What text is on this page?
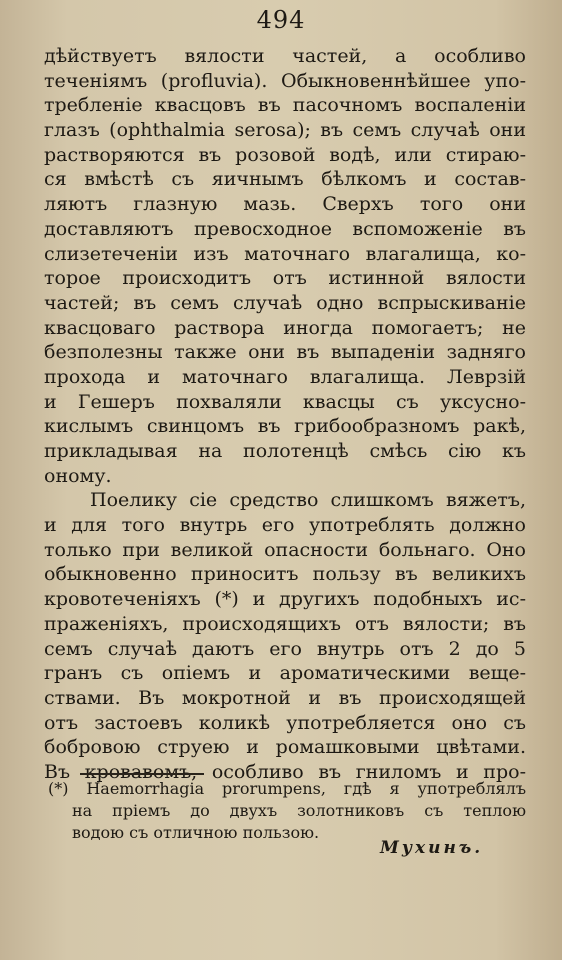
494
дѣйствуетъ вялости частей, а особливо
теченіямъ (profluvia). Обыкновеннѣйшее упо-
требленіе квасцовъ въ пасочномъ воспаленіи
глазъ (ophthalmia serosa); въ семъ случаѣ они
растворяются въ розовой водѣ, или стираю-
ся вмѣстѣ съ яичнымъ бѣлкомъ и состав-
ляютъ глазную мазь. Сверхъ того они
доставляютъ превосходное вспоможеніе въ
слизетеченіи изъ маточнаго влагалища, ко-
торое происходитъ отъ истинной вялости
частей; въ семъ случаѣ одно вспрыскиваніе
квасцоваго раствора иногда помогаетъ; не
безполезны также они въ выпаденіи задняго
прохода и маточнаго влагалища. Леврзій
и Гешеръ похваляли квасцы съ уксусно-
кислымъ свинцомъ въ грибообразномъ ракѣ,
прикладывая на полотенцѣ смѣсь сію къ
оному.
Поелику сіе средство слишкомъ вяжетъ,
и для того внутрь его употреблять должно
только при великой опасности больнаго. Оно
обыкновенно приноситъ пользу въ великихъ
кровотеченіяхъ (*) и другихъ подобныхъ ис-
праженіяхъ, происходящихъ отъ вялости; въ
семъ случаѣ даютъ его внутрь отъ 2 до 5
гранъ съ опіемъ и ароматическими веще-
ствами. Въ мокротной и въ происходящей
отъ застоевъ коликѣ употребляется оно съ
бобровою струею и ромашковыми цвѣтами.
Въ кровавомъ, особливо въ гниломъ и про-
(*) Haemorrhagia prorumpens, гдѣ я употреблялъ
на пріемъ до двухъ золотниковъ съ теплою
водою съ отличною пользою.
Мухинъ.
